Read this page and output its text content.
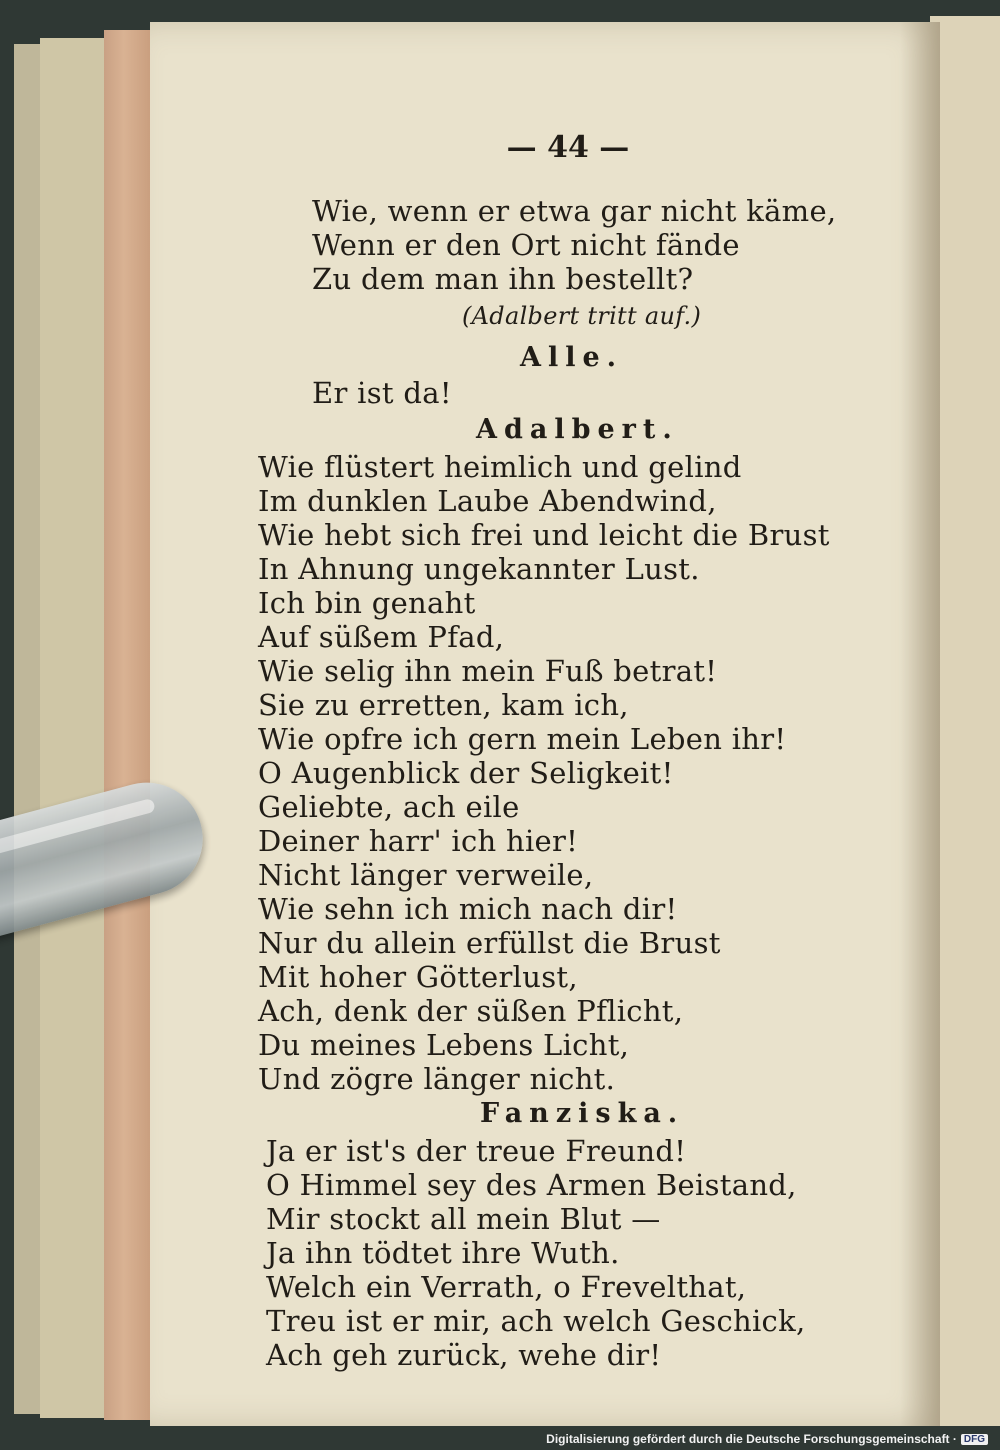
— 44 —
Wie, wenn er etwa gar nicht käme,
Wenn er den Ort nicht fände
Zu dem man ihn bestellt?
(Adalbert tritt auf.)
Alle.
Er ist da!
Adalbert.
Wie flüstert heimlich und gelind
Im dunklen Laube Abendwind,
Wie hebt sich frei und leicht die Brust
In Ahnung ungekannter Lust.
Ich bin genaht
Auf süßem Pfad,
Wie selig ihn mein Fuß betrat!
Sie zu erretten, kam ich,
Wie opfre ich gern mein Leben ihr!
O Augenblick der Seligkeit!
Geliebte, ach eile
Deiner harr' ich hier!
Nicht länger verweile,
Wie sehn ich mich nach dir!
Nur du allein erfüllst die Brust
Mit hoher Götterlust,
Ach, denk der süßen Pflicht,
Du meines Lebens Licht,
Und zögre länger nicht.
Fanziska.
Ja er ist's der treue Freund!
O Himmel sey des Armen Beistand,
Mir stockt all mein Blut —
Ja ihn tödtet ihre Wuth.
Welch ein Verrath, o Frevelthat,
Treu ist er mir, ach welch Geschick,
Ach geh zurück, wehe dir!
Digitalisierung gefördert durch die Deutsche Forschungsgemeinschaft · DFG
